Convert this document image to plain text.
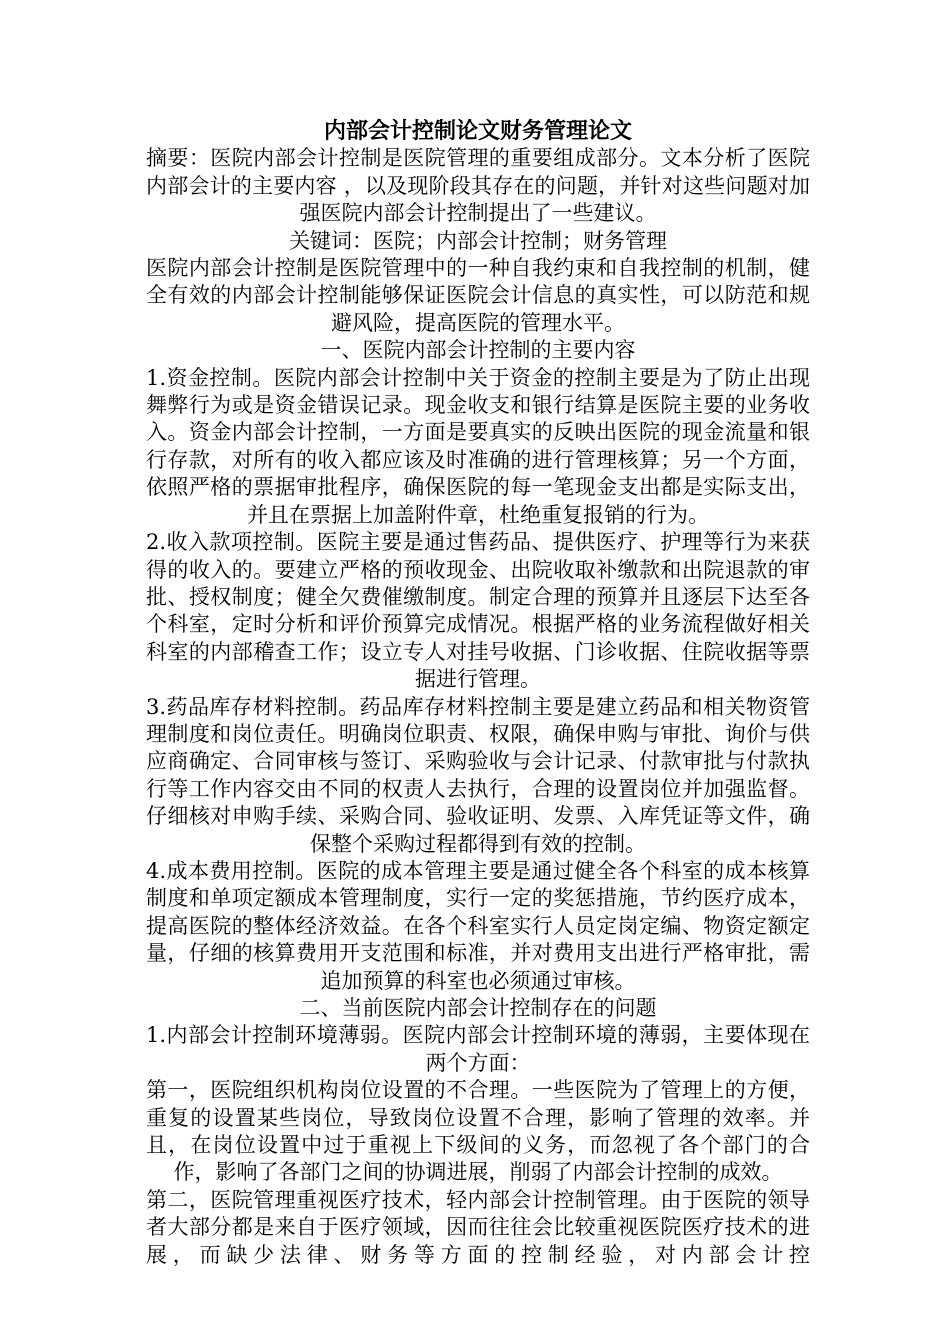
内部会计控制论文财务管理论文

摘要：医院内部会计控制是医院管理的重要组成部分。文本分析了医院内部会计的主要内容 ，以及现阶段其存在的问题，并针对这些问题对加强医院内部会计控制提出了一些建议。

关键词：医院；内部会计控制；财务管理

医院内部会计控制是医院管理中的一种自我约束和自我控制的机制，健全有效的内部会计控制能够保证医院会计信息的真实性，可以防范和规避风险，提高医院的管理水平。

一、医院内部会计控制的主要内容

1.资金控制。医院内部会计控制中关于资金的控制主要是为了防止出现舞弊行为或是资金错误记录。现金收支和银行结算是医院主要的业务收入。资金内部会计控制，一方面是要真实的反映出医院的现金流量和银行存款，对所有的收入都应该及时准确的进行管理核算；另一个方面，依照严格的票据审批程序，确保医院的每一笔现金支出都是实际支出，并且在票据上加盖附件章，杜绝重复报销的行为。

2.收入款项控制。医院主要是通过售药品、提供医疗、护理等行为来获得的收入的。要建立严格的预收现金、出院收取补缴款和出院退款的审批、授权制度；健全欠费催缴制度。制定合理的预算并且逐层下达至各个科室，定时分析和评价预算完成情况。根据严格的业务流程做好相关科室的内部稽查工作；设立专人对挂号收据、门诊收据、住院收据等票据进行管理。

3.药品库存材料控制。药品库存材料控制主要是建立药品和相关物资管理制度和岗位责任。明确岗位职责、权限，确保申购与审批、询价与供应商确定、合同审核与签订、采购验收与会计记录、付款审批与付款执行等工作内容交由不同的权责人去执行，合理的设置岗位并加强监督。仔细核对申购手续、采购合同、验收证明、发票、入库凭证等文件，确保整个采购过程都得到有效的控制。

4.成本费用控制。医院的成本管理主要是通过健全各个科室的成本核算制度和单项定额成本管理制度，实行一定的奖惩措施，节约医疗成本，提高医院的整体经济效益。在各个科室实行人员定岗定编、物资定额定量，仔细的核算费用开支范围和标准，并对费用支出进行严格审批，需追加预算的科室也必须通过审核。

二、当前医院内部会计控制存在的问题

1.内部会计控制环境薄弱。医院内部会计控制环境的薄弱，主要体现在两个方面：

第一，医院组织机构岗位设置的不合理。一些医院为了管理上的方便，重复的设置某些岗位，导致岗位设置不合理，影响了管理的效率。并且，在岗位设置中过于重视上下级间的义务，而忽视了各个部门的合作，影响了各部门之间的协调进展，削弱了内部会计控制的成效。

第二，医院管理重视医疗技术，轻内部会计控制管理。由于医院的领导者大部分都是来自于医疗领域，因而往往会比较重视医院医疗技术的进展，而缺少法律、财务等方面的控制经验，对内部会计控
